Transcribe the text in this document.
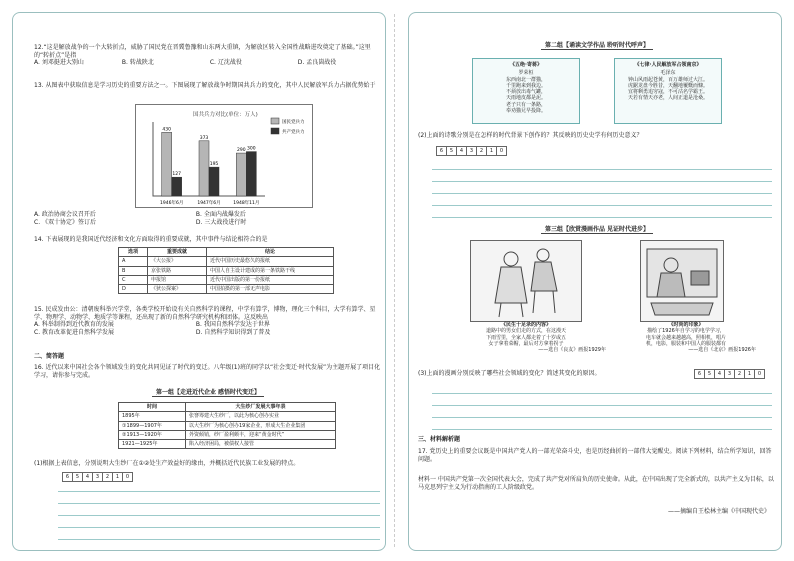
12.“这是解放战争的一个大转折点，威胁了国民党在晋冀鲁豫和山东两大重镇，为解放区转入全国性战略进攻奠定了基础。”这里的“转折点”是指
A. 刘邓挺进大别山	B. 转战陕北	C. 辽沈战役	D. 孟良崮战役
13. 从图表中获取信息是学习历史的重要方法之一。下图展现了解放战争时期国共兵力的变化，其中人民解放军兵力占据优势始于
国共兵力对比(单位：万人)
国民党兵力
共产党兵力
430
127
1946年6月
373
195
1947年6月
290 300
1948年11月
A. 政治协商会议召开后	B. 全面内战爆发后
C. 《双十协定》签订后	D. 三大战役进行时
14. 下表展现的是我国近代经济和文化方面取得的重要成就，其中事件与结论相符合的是
选项	重要成就	结论
A	《大公报》	近代中国历史最悠久的报纸
B	京张铁路	中国人自主设计建成的第一条铁路干线
C	申报馆	近代中国出版的第一份报纸
D	《狄公探案》	中国拍摄的第一部无声电影
15. 民成发由公：清朝废科举兴学堂，各类学校开始设有关自然科学的课程，中学有算学，博物，理化三个科目，大学有算学、星学、物理学、动物学、地质学等课程，还出现了新的自然科学研究机构和团体。这反映出
A. 科举制得到近代教育的发展	B. 我国自然科学发达于世界
C. 教育改革促进自然科学发展	D. 自然科学知识得到了普及
二、简答题
16. 近代以来中国社会各个领域发生的变化共同见证了时代的变迁。八年级(1)班的同学以“社会变迁·时代发展”为主题开展了项目化学习，请你参与完成。
第一组【走进近代企业 感悟时代变迁】
时间	大生纱厂发展大事年表
1895年	张謇筹建大生纱厂，以此为核心创办实业
①1899—1907年	以大生纱厂为核心创办19家企业，形成大生企业集团
②1913—1920年	外资倾销，纱厂盈利颇丰，迎来“黄金时代”
1921—1925年	陷入经济困局，被债权人接管
(1)根据上表信息，分别说明大生纱厂在①②处生产效益好的缘由，并概括近代民族工业发展的特点。
6	5	4	3	2	1	0
第二组【诵读文学作品 聆听时代呼声】
《五绝·寄蒋》
罗荣桓
东西南北一群猫，
千里跑来到我边。
不须放出毒气罐，
天雨地皮都是泥。
老子只有一条路，
奉劝猫兄早投降。
《七律·人民解放军占领南京》
毛泽东
钟山风雨起苍黄，百万雄师过大江。
虎踞龙盘今胜昔，天翻地覆慨而慷。
宜将剩勇追穷寇，不可沽名学霸王。
天若有情天亦老，人间正道是沧桑。
(2)上面的诗歌分别是在怎样的时代背景下创作的？其反映的历史史学有何历史意义？
6	5	4	3	2	1	0
第三组【欣赏漫画作品 见证时代进步】
《民生十足录的内容》
道路中的男女们走的方式，在这漫天
下雨雪里，全家人都走着了十岁或五
女子拿着菜帽，最后对方拿着拐子
——选自《良友》画报1929年
《时尚的印象》
描绘了1926年自学习的电学学习，
电车就会越来越越高，照相机，唱片
机，电影，服装和中国人的服装都有
——选自《北京》画报1926年
(3)上面的漫画分别反映了哪些社会领域的变化？简述其变化的原因。	6	5	4	3	2	1	0
三、材料解析题
17. 党历史上的重要会议既是中国共产党人的一部光荣奋斗史，也是历经曲折的一部伟大觉醒史。阅读下列材料，结合所学知识，回答问题。
材料一 中国共产党第一次全国代表大会，完成了共产党对所肩负的历史使命。从此，在中国出现了完全新式的，以共产主义为目标，以马克思列宁主义为行动指南的工人阶级政党。
——摘编自王桧林主编《中国现代史》
